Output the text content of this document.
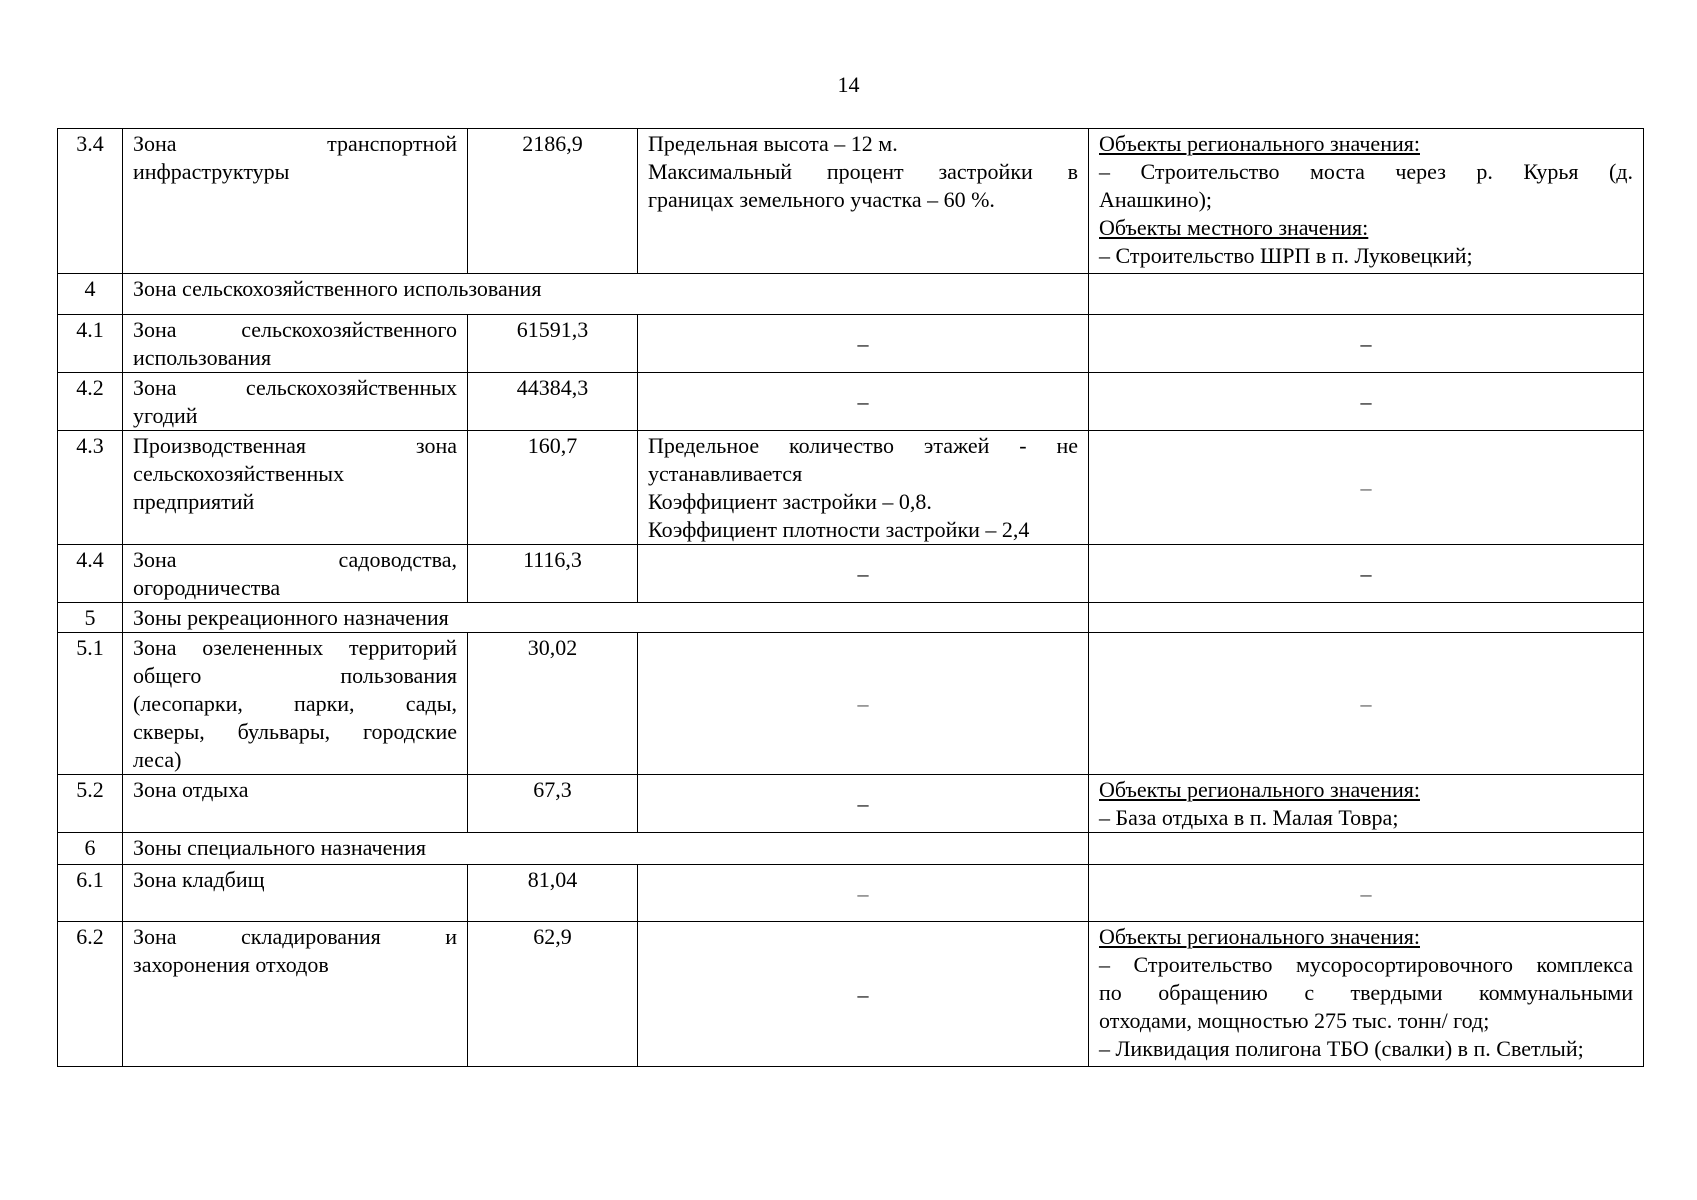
14
3.4	Зона транспортной
инфраструктуры	2186,9	Предельная высота – 12 м.
Максимальный процент застройки в
границах земельного участка – 60 %.	Объекты регионального значения:
– Строительство моста через р. Курья (д.
Анашкино);
Объекты местного значения:
– Строительство ШРП в п. Луковецкий;

4	Зона сельскохозяйственного использования			
4.1	Зона сельскохозяйственного
использования	61591,3	–	–
4.2	Зона сельскохозяйственных
угодий	44384,3	–	–
4.3	Производственная зона
сельскохозяйственных
предприятий	160,7	Предельное количество этажей - не
устанавливается
Коэффициент застройки – 0,8.
Коэффициент плотности застройки – 2,4	–
4.4	Зона садоводства,
огородничества	1116,3	–	–
5	Зоны рекреационного назначения			
5.1	Зона озелененных территорий
общего пользования
(лесопарки, парки, сады,
скверы, бульвары, городские
леса)	30,02	–	–
5.2	Зона отдыха	67,3	–	Объекты регионального значения:
– База отдыха в п. Малая Товра;

6	Зоны специального назначения			
6.1	Зона кладбищ	81,04	–	–
6.2	Зона складирования и
захоронения отходов	62,9	–	Объекты регионального значения:
– Строительство мусоросортировочного комплекса
по обращению с твердыми коммунальными
отходами, мощностью 275 тыс. тонн/ год;
– Ликвидация полигона ТБО (свалки) в п. Светлый;
